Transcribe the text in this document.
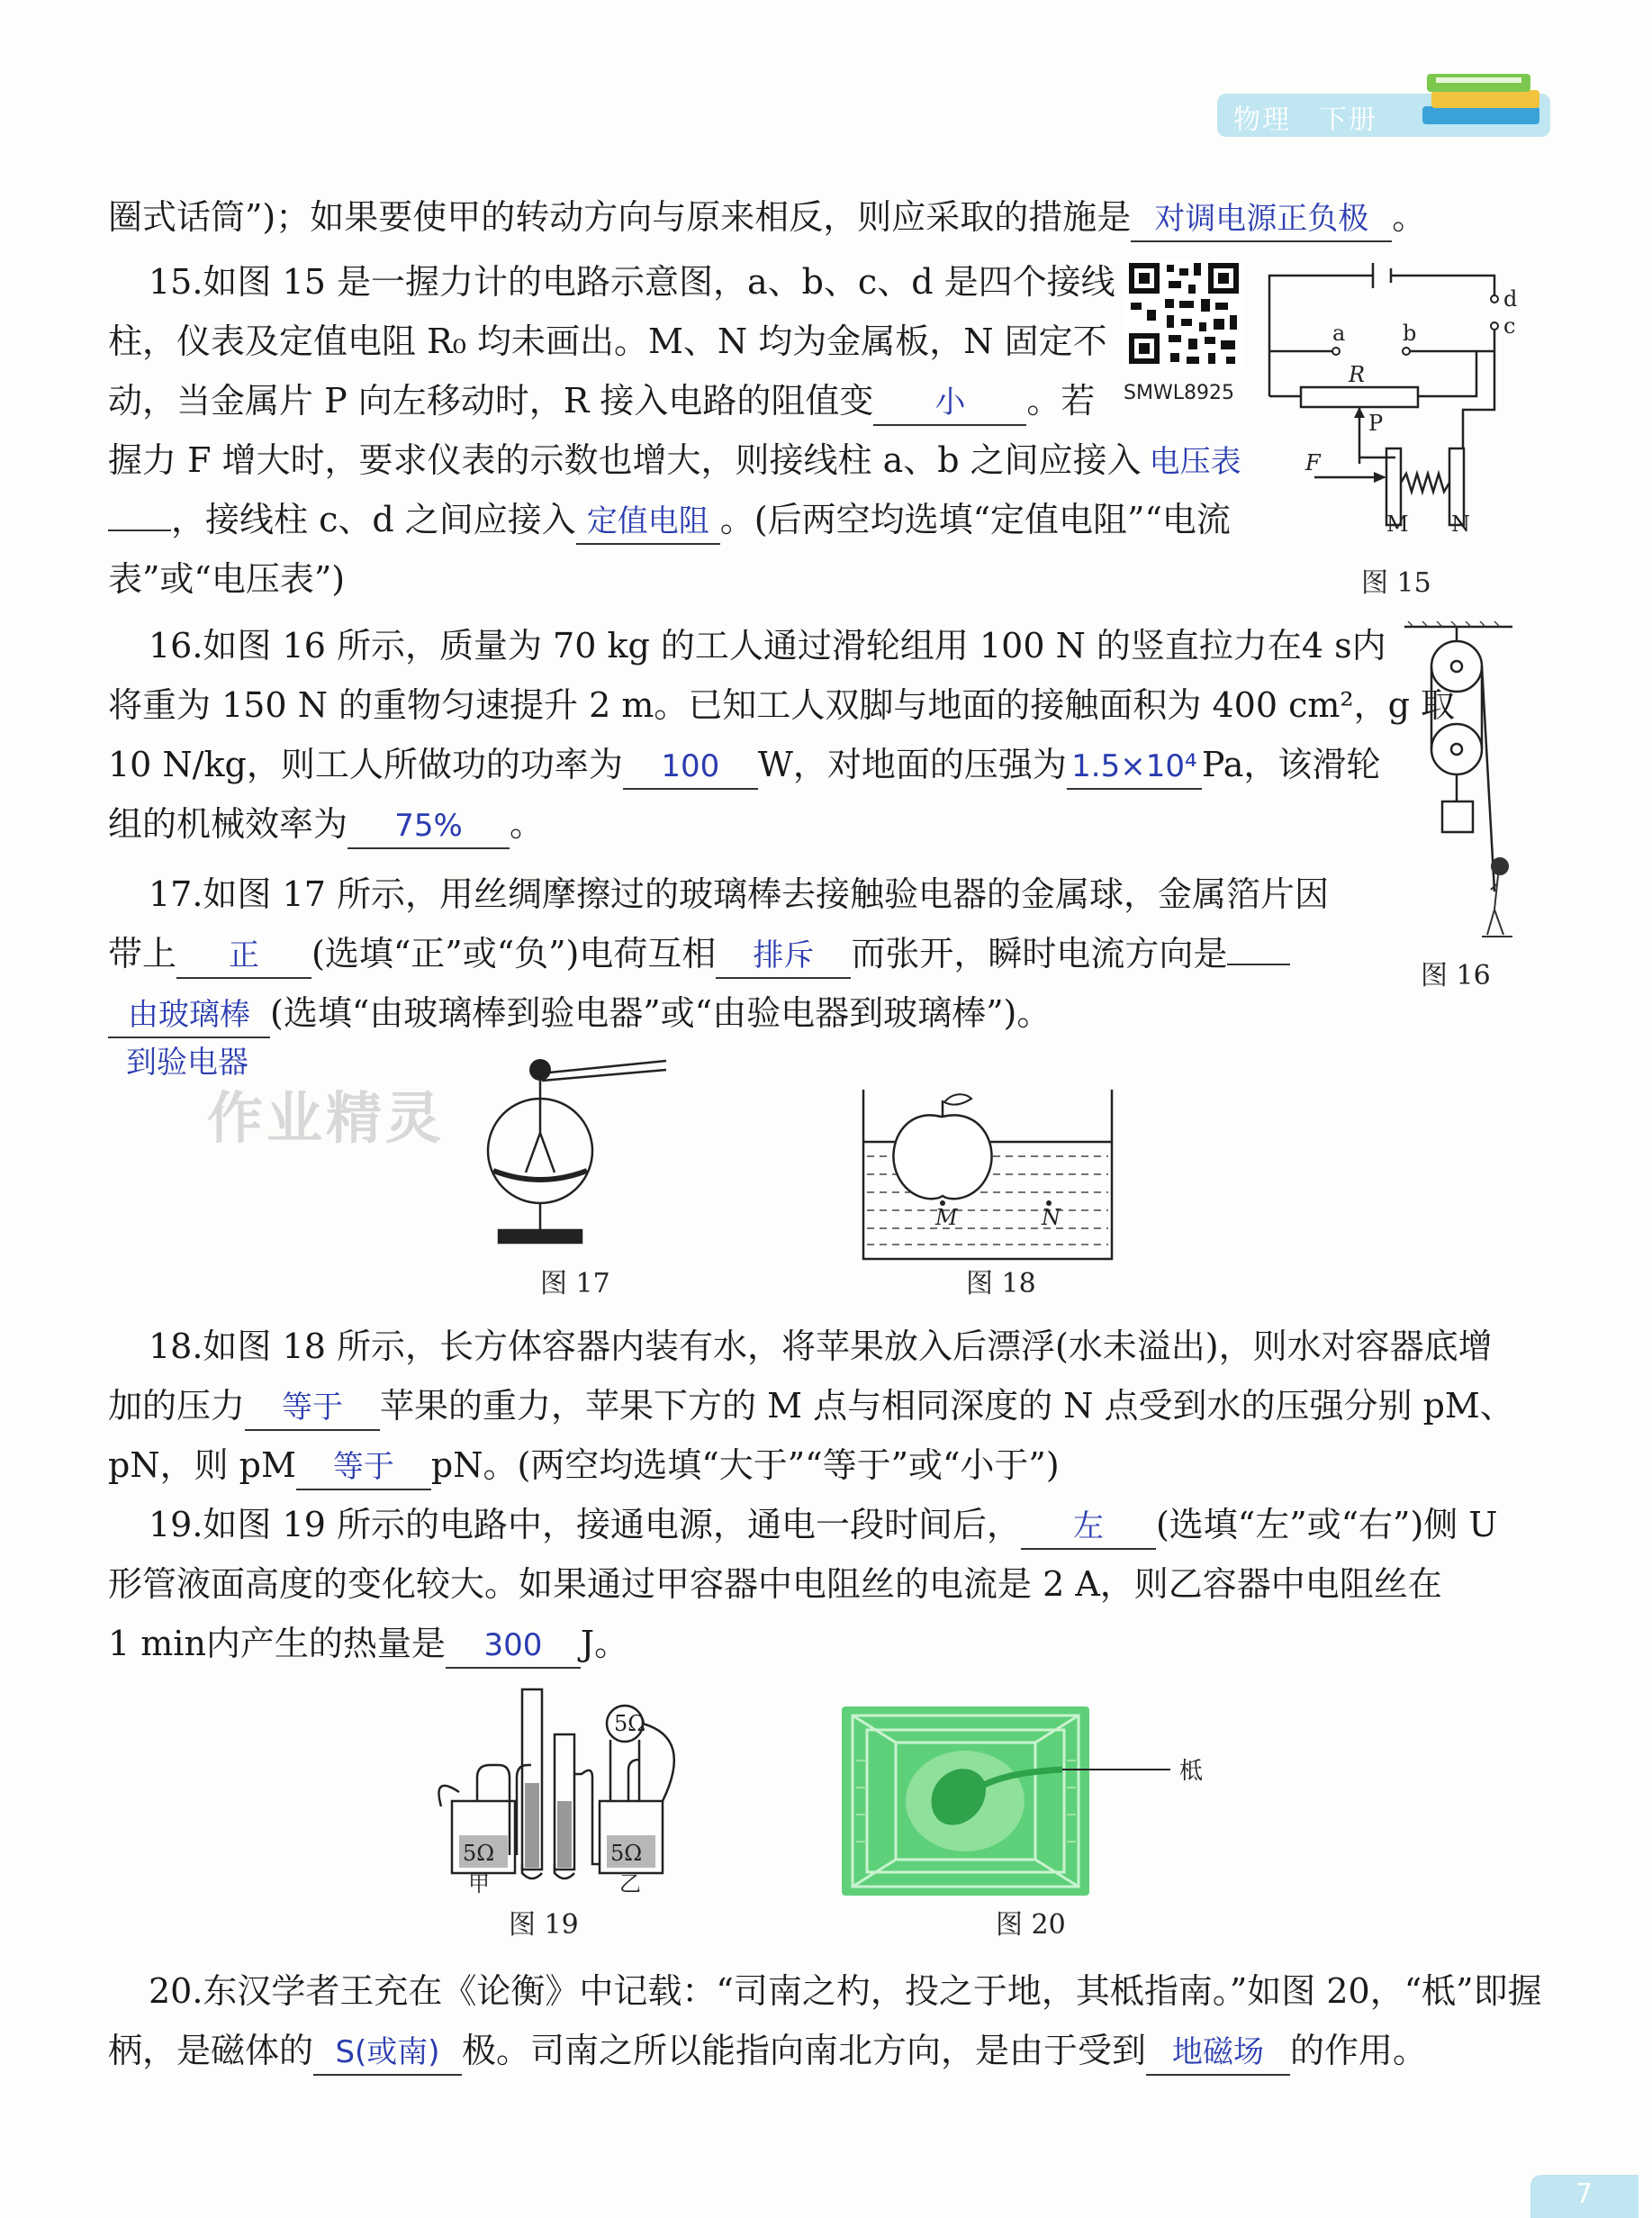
物理　下册
圈式话筒”)；如果要使甲的转动方向与原来相反，则应采取的措施是 对调电源正负极 。
15.如图 15 是一握力计的电路示意图，a、b、c、d 是四个接线
柱，仪表及定值电阻 R₀ 均未画出。M、N 均为金属板，N 固定不
动，当金属片 P 向左移动时，R 接入电路的阻值变 小 。若
握力 F 增大时，要求仪表的示数也增大，则接线柱 a、b 之间应接入 电压表
，接线柱 c、d 之间应接入 定值电阻 。(后两空均选填“定值电阻”“电流
表”或“电压表”)
SMWL8925
d
c
a	b
R
P
F
M N
图 15
16.如图 16 所示，质量为 70 kg 的工人通过滑轮组用 100 N 的竖直拉力在4 s内
将重为 150 N 的重物匀速提升 2 m。已知工人双脚与地面的接触面积为 400 cm²，g 取
10 N/kg，则工人所做功的功率为 100 W，对地面的压强为 1.5×10⁴ Pa，该滑轮
组的机械效率为 75% 。
图 16
17.如图 17 所示，用丝绸摩擦过的玻璃棒去接触验电器的金属球，金属箔片因
带上 正 (选填“正”或“负”)电荷互相 排斥 而张开，瞬时电流方向是
由玻璃棒 (选填“由玻璃棒到验电器”或“由验电器到玻璃棒”)。
到验电器
作业精灵
图 17
M	N
图 18
18.如图 18 所示，长方体容器内装有水，将苹果放入后漂浮(水未溢出)，则水对容器底增
加的压力 等于 苹果的重力，苹果下方的 M 点与相同深度的 N 点受到水的压强分别 pM、
pN，则 pM 等于 pN。(两空均选填“大于”“等于”或“小于”)
19.如图 19 所示的电路中，接通电源，通电一段时间后， 左 (选填“左”或“右”)侧 U
形管液面高度的变化较大。如果通过甲容器中电阻丝的电流是 2 A，则乙容器中电阻丝在
1 min内产生的热量是 300 J。
5Ω
5Ω	5Ω
甲	乙
图 19
柢
图 20
20.东汉学者王充在《论衡》中记载：“司南之杓，投之于地，其柢指南。”如图 20，“柢”即握
柄，是磁体的 S(或南) 极。司南之所以能指向南北方向，是由于受到 地磁场 的作用。
7
